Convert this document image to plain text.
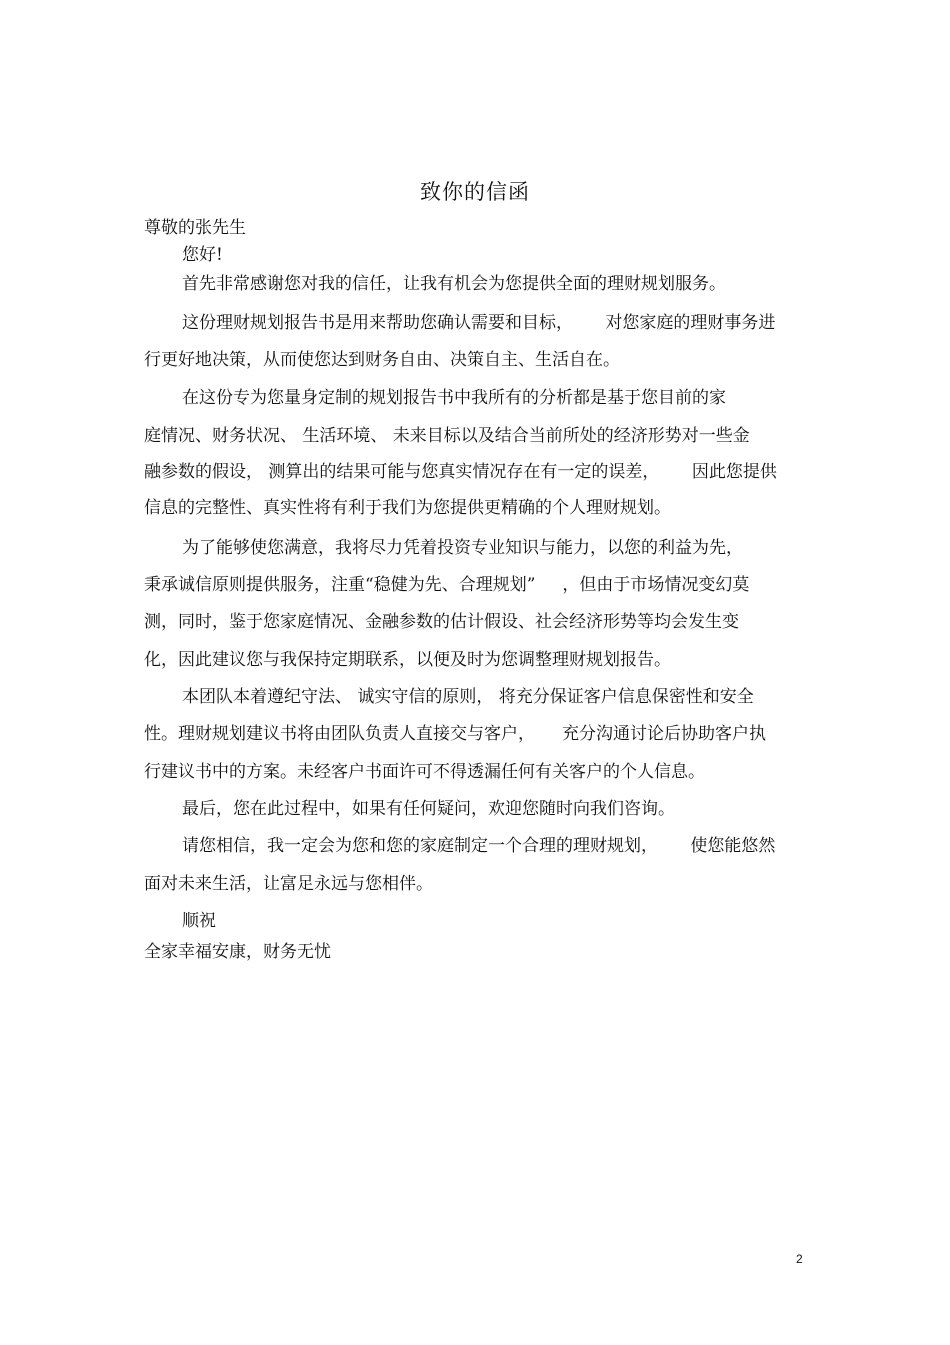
致你的信函

尊敬的张先生

您好!

首先非常感谢您对我的信任，让我有机会为您提供全面的理财规划服务。

这份理财规划报告书是用来帮助您确认需要和目标，      对您家庭的理财事务进

行更好地决策，从而使您达到财务自由、决策自主、生活自在。

在这份专为您量身定制的规划报告书中我所有的分析都是基于您目前的家

庭情况、财务状况、 生活环境、 未来目标以及结合当前所处的经济形势对一些金

融参数的假设， 测算出的结果可能与您真实情况存在有一定的误差，      因此您提供

信息的完整性、真实性将有利于我们为您提供更精确的个人理财规划。

为了能够使您满意，我将尽力凭着投资专业知识与能力，以您的利益为先，

秉承诚信原则提供服务，注重“稳健为先、合理规划”     ，但由于市场情况变幻莫

测，同时，鉴于您家庭情况、金融参数的估计假设、社会经济形势等均会发生变

化，因此建议您与我保持定期联系，以便及时为您调整理财规划报告。

本团队本着遵纪守法、 诚实守信的原则， 将充分保证客户信息保密性和安全

性。理财规划建议书将由团队负责人直接交与客户，     充分沟通讨论后协助客户执

行建议书中的方案。未经客户书面许可不得透漏任何有关客户的个人信息。

最后，您在此过程中，如果有任何疑问，欢迎您随时向我们咨询。

请您相信，我一定会为您和您的家庭制定一个合理的理财规划，      使您能悠然

面对未来生活，让富足永远与您相伴。

顺祝

全家幸福安康，财务无忧

2
